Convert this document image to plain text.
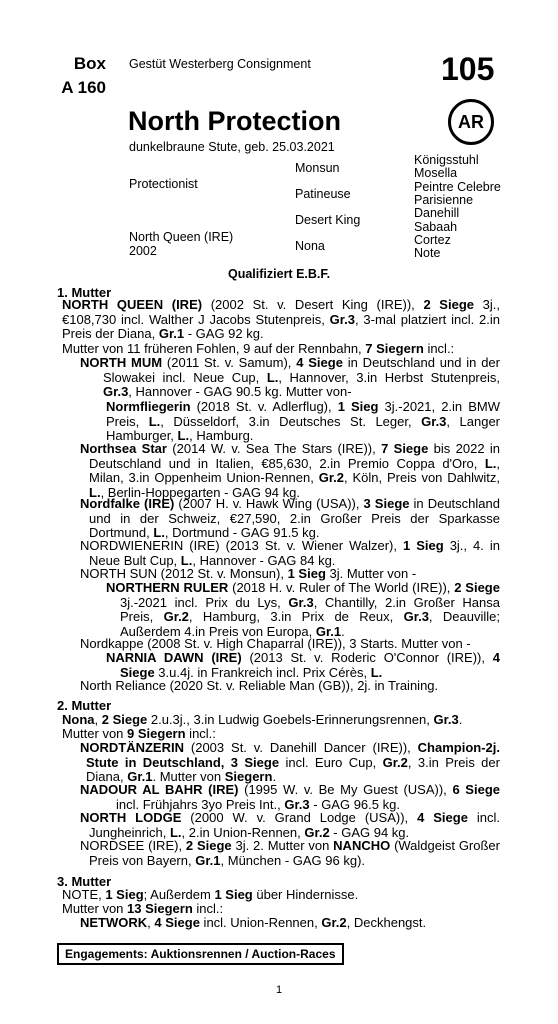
Box
A 160
Gestüt Westerberg Consignment	105
North Protection	AR
dunkelbraune Stute, geb. 25.03.2021
Protectionist
North Queen (IRE)
2002
Monsun
Patineuse
Desert King
Nona
Königsstuhl
Mosella
Peintre Celebre
Parisienne
Danehill
Sabaah
Cortez
Note
Qualifiziert E.B.F.
1. Mutter
NORTH QUEEN (IRE) (2002 St. v. Desert King (IRE)), 2 Siege 3j., €108,730 incl. Walther J Jacobs Stutenpreis, Gr.3, 3-mal platziert incl. 2.in Preis der Diana, Gr.1 - GAG 92 kg.
Mutter von 11 früheren Fohlen, 9 auf der Rennbahn, 7 Siegern incl.:
NORTH MUM (2011 St. v. Samum), 4 Siege in Deutschland und in der Slowakei incl. Neue Cup, L., Hannover, 3.in Herbst Stutenpreis, Gr.3, Hannover - GAG 90.5 kg. Mutter von-
Normfliegerin (2018 St. v. Adlerflug), 1 Sieg 3j.-2021, 2.in BMW Preis, L., Düsseldorf, 3.in Deutsches St. Leger, Gr.3, Langer Hamburger, L., Hamburg.
Northsea Star (2014 W. v. Sea The Stars (IRE)), 7 Siege bis 2022 in Deutschland und in Italien, €85,630, 2.in Premio Coppa d'Oro, L., Milan, 3.in Oppenheim Union-Rennen, Gr.2, Köln, Preis von Dahlwitz, L., Berlin-Hoppegarten - GAG 94 kg.
Nordfalke (IRE) (2007 H. v. Hawk Wing (USA)), 3 Siege in Deutschland und in der Schweiz, €27,590, 2.in Großer Preis der Sparkasse Dortmund, L., Dortmund - GAG 91.5 kg.
NORDWIENERIN (IRE) (2013 St. v. Wiener Walzer), 1 Sieg 3j., 4. in Neue Bult Cup, L., Hannover - GAG 84 kg.
NORTH SUN (2012 St. v. Monsun), 1 Sieg 3j. Mutter von -
NORTHERN RULER (2018 H. v. Ruler of The World (IRE)), 2 Siege 3j.-2021 incl. Prix du Lys, Gr.3, Chantilly, 2.in Großer Hansa Preis, Gr.2, Hamburg, 3.in Prix de Reux, Gr.3, Deauville; Außerdem 4.in Preis von Europa, Gr.1.
Nordkappe (2008 St. v. High Chaparral (IRE)), 3 Starts. Mutter von -
NARNIA DAWN (IRE) (2013 St. v. Roderic O'Connor (IRE)), 4 Siege 3.u.4j. in Frankreich incl. Prix Cérès, L.
North Reliance (2020 St. v. Reliable Man (GB)), 2j. in Training.
2. Mutter
Nona, 2 Siege 2.u.3j., 3.in Ludwig Goebels-Erinnerungsrennen, Gr.3.
Mutter von 9 Siegern incl.:
NORDTÄNZERIN (2003 St. v. Danehill Dancer (IRE)), Champion-2j. Stute in Deutschland, 3 Siege incl. Euro Cup, Gr.2, 3.in Preis der Diana, Gr.1. Mutter von Siegern.
NADOUR AL BAHR (IRE) (1995 W. v. Be My Guest (USA)), 6 Siege incl. Frühjahrs 3yo Preis Int., Gr.3 - GAG 96.5 kg.
NORTH LODGE (2000 W. v. Grand Lodge (USA)), 4 Siege incl. Jungheinrich, L., 2.in Union-Rennen, Gr.2 - GAG 94 kg.
NORDSEE (IRE), 2 Siege 3j. 2. Mutter von NANCHO (Waldgeist Großer Preis von Bayern, Gr.1, München - GAG 96 kg).
3. Mutter
NOTE, 1 Sieg; Außerdem 1 Sieg über Hindernisse.
Mutter von 13 Siegern incl.:
NETWORK, 4 Siege incl. Union-Rennen, Gr.2, Deckhengst.
Engagements: Auktionsrennen / Auction-Races
1
